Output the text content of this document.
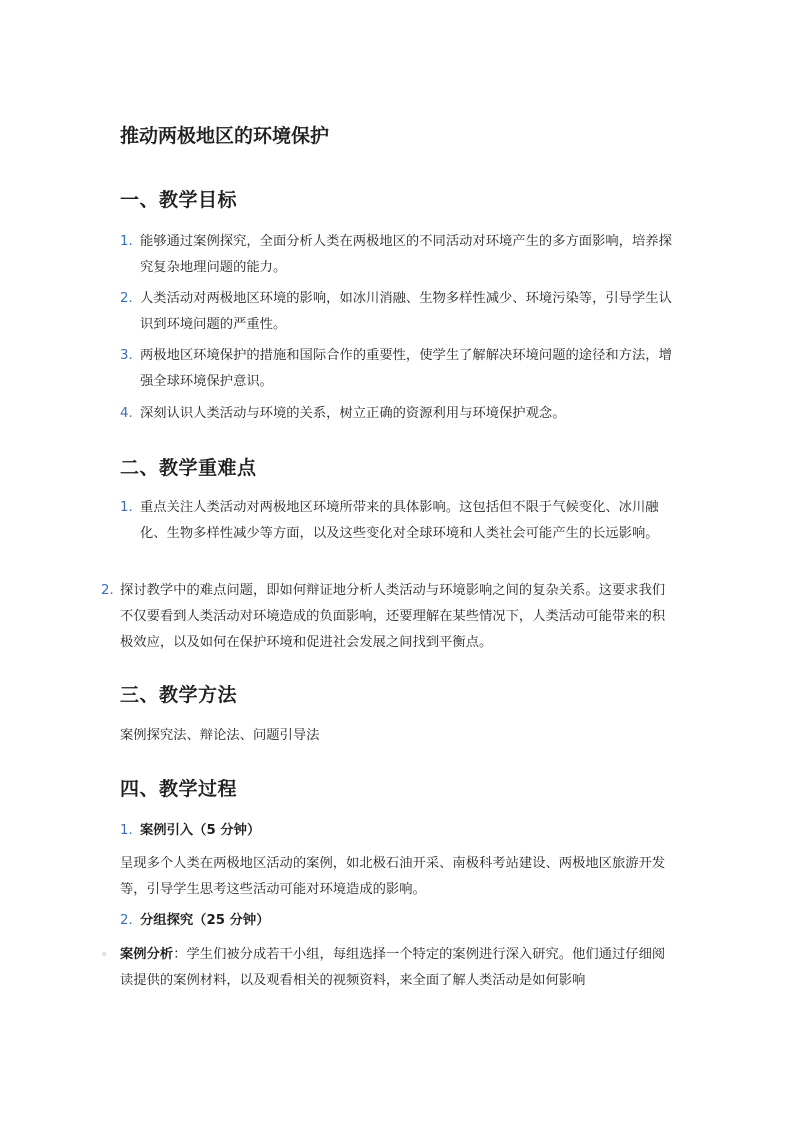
推动两极地区的环境保护
一、教学目标
1. 能够通过案例探究，全面分析人类在两极地区的不同活动对环境产生的多方面影响，培养探究复杂地理问题的能力。
2. 人类活动对两极地区环境的影响，如冰川消融、生物多样性减少、环境污染等，引导学生认识到环境问题的严重性。
3. 两极地区环境保护的措施和国际合作的重要性，使学生了解解决环境问题的途径和方法，增强全球环境保护意识。
4. 深刻认识人类活动与环境的关系，树立正确的资源利用与环境保护观念。
二、教学重难点
1. 重点关注人类活动对两极地区环境所带来的具体影响。这包括但不限于气候变化、冰川融化、生物多样性减少等方面，以及这些变化对全球环境和人类社会可能产生的长远影响。
2. 探讨教学中的难点问题，即如何辩证地分析人类活动与环境影响之间的复杂关系。这要求我们不仅要看到人类活动对环境造成的负面影响，还要理解在某些情况下，人类活动可能带来的积极效应，以及如何在保护环境和促进社会发展之间找到平衡点。
三、教学方法

案例探究法、辩论法、问题引导法

四、教学过程
1. 案例引入（5 分钟）

呈现多个人类在两极地区活动的案例，如北极石油开采、南极科考站建设、两极地区旅游开发等，引导学生思考这些活动可能对环境造成的影响。

2. 分组探究（25 分钟）
◦ 案例分析：学生们被分成若干小组，每组选择一个特定的案例进行深入研究。他们通过仔细阅读提供的案例材料，以及观看相关的视频资料，来全面了解人类活动是如何影响
